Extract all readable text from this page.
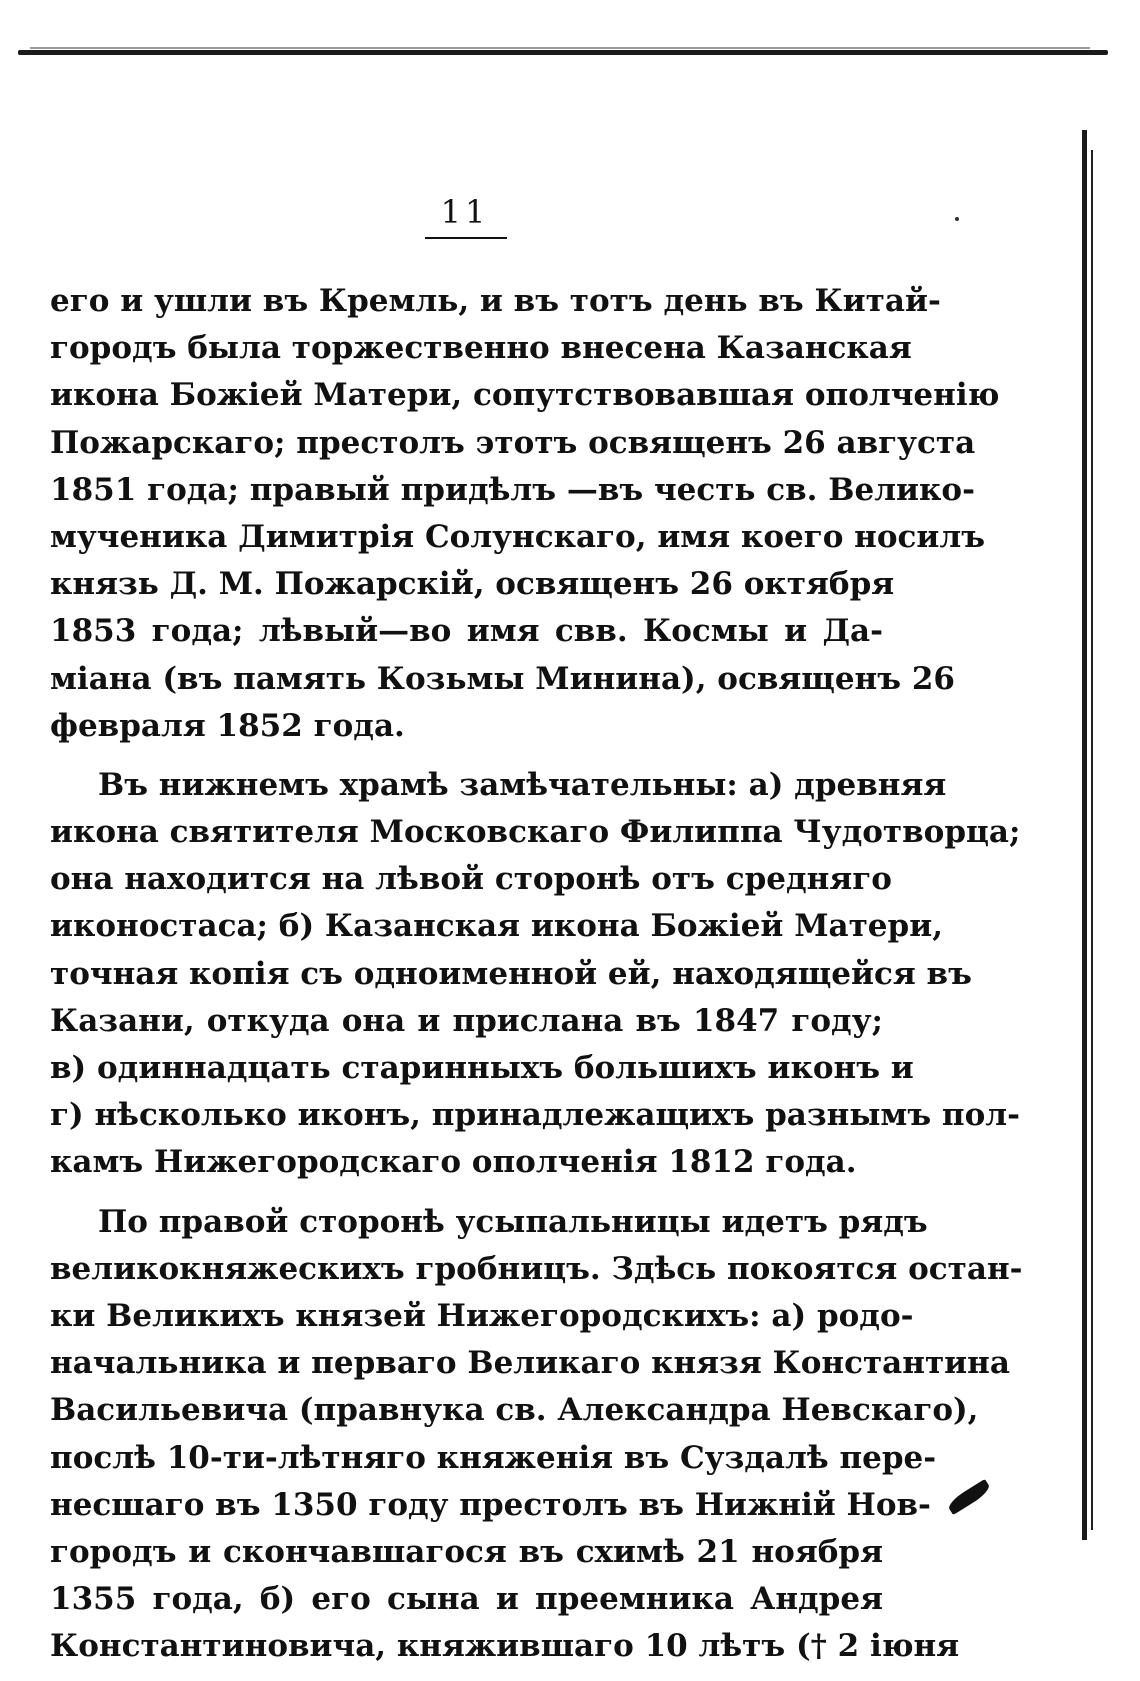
11
его и ушли въ Кремль, и въ тотъ день въ Китай-
городъ была торжественно внесена Казанская
икона Божіей Матери, сопутствовавшая ополченію
Пожарскаго; престолъ этотъ освященъ 26 августа
1851 года; правый придѣлъ —въ честь св. Велико-
мученика Димитрія Солунскаго, имя коего носилъ
князь Д. М. Пожарскій, освященъ 26 октября
1853 года; лѣвый—во имя свв. Космы и Да-
міана (въ память Козьмы Минина), освященъ 26
февраля 1852 года.
Въ нижнемъ храмѣ замѣчательны: а) древняя
икона святителя Московскаго Филиппа Чудотворца;
она находится на лѣвой сторонѣ отъ средняго
иконостаса; б) Казанская икона Божіей Матери,
точная копія съ одноименной ей, находящейся въ
Казани, откуда она и прислана въ 1847 году;
в) одиннадцать старинныхъ большихъ иконъ и
г) нѣсколько иконъ, принадлежащихъ разнымъ пол-
камъ Нижегородскаго ополченія 1812 года.
По правой сторонѣ усыпальницы идетъ рядъ
великокняжескихъ гробницъ. Здѣсь покоятся остан-
ки Великихъ князей Нижегородскихъ: а) родо-
начальника и перваго Великаго князя Константина
Васильевича (правнука св. Александра Невскаго),
послѣ 10-ти-лѣтняго княженія въ Суздалѣ пере-
несшаго въ 1350 году престолъ въ Нижній Нов-
городъ и скончавшагося въ схимѣ 21 ноября
1355 года, б) его сына и преемника Андрея
Константиновича, княжившаго 10 лѣтъ († 2 іюня
